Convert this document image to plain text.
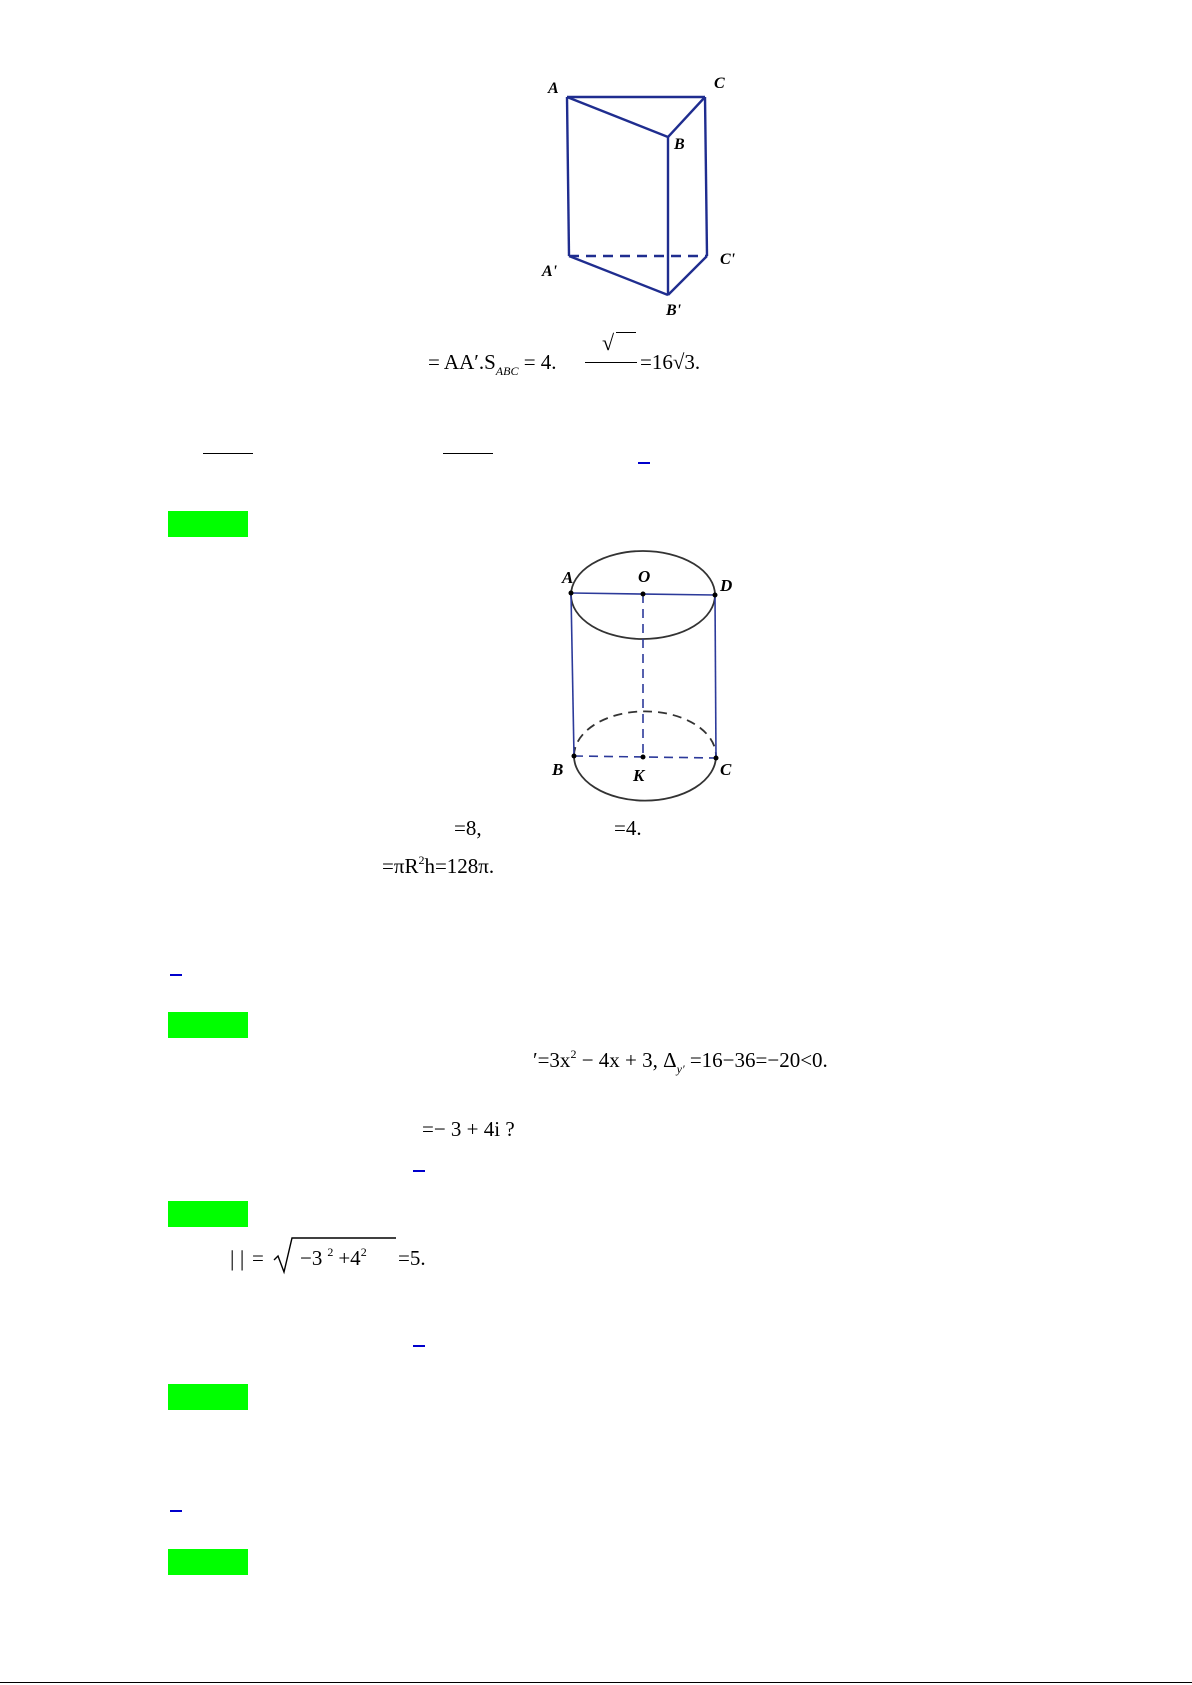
A	C
B
A'
C'
B'
= $AA'.S_{ABC} = 4$.
√
=16√3.
A	O	D
B	K	C
=8,	=4.
$=\pi R^2h=128\pi$.
$'=3x^2 - 4x + 3$, $\Delta_{y'} =16-36=-20<0$.
=− 3 + 4i ?
| | = −3 $^2 +4^2 =5$.
